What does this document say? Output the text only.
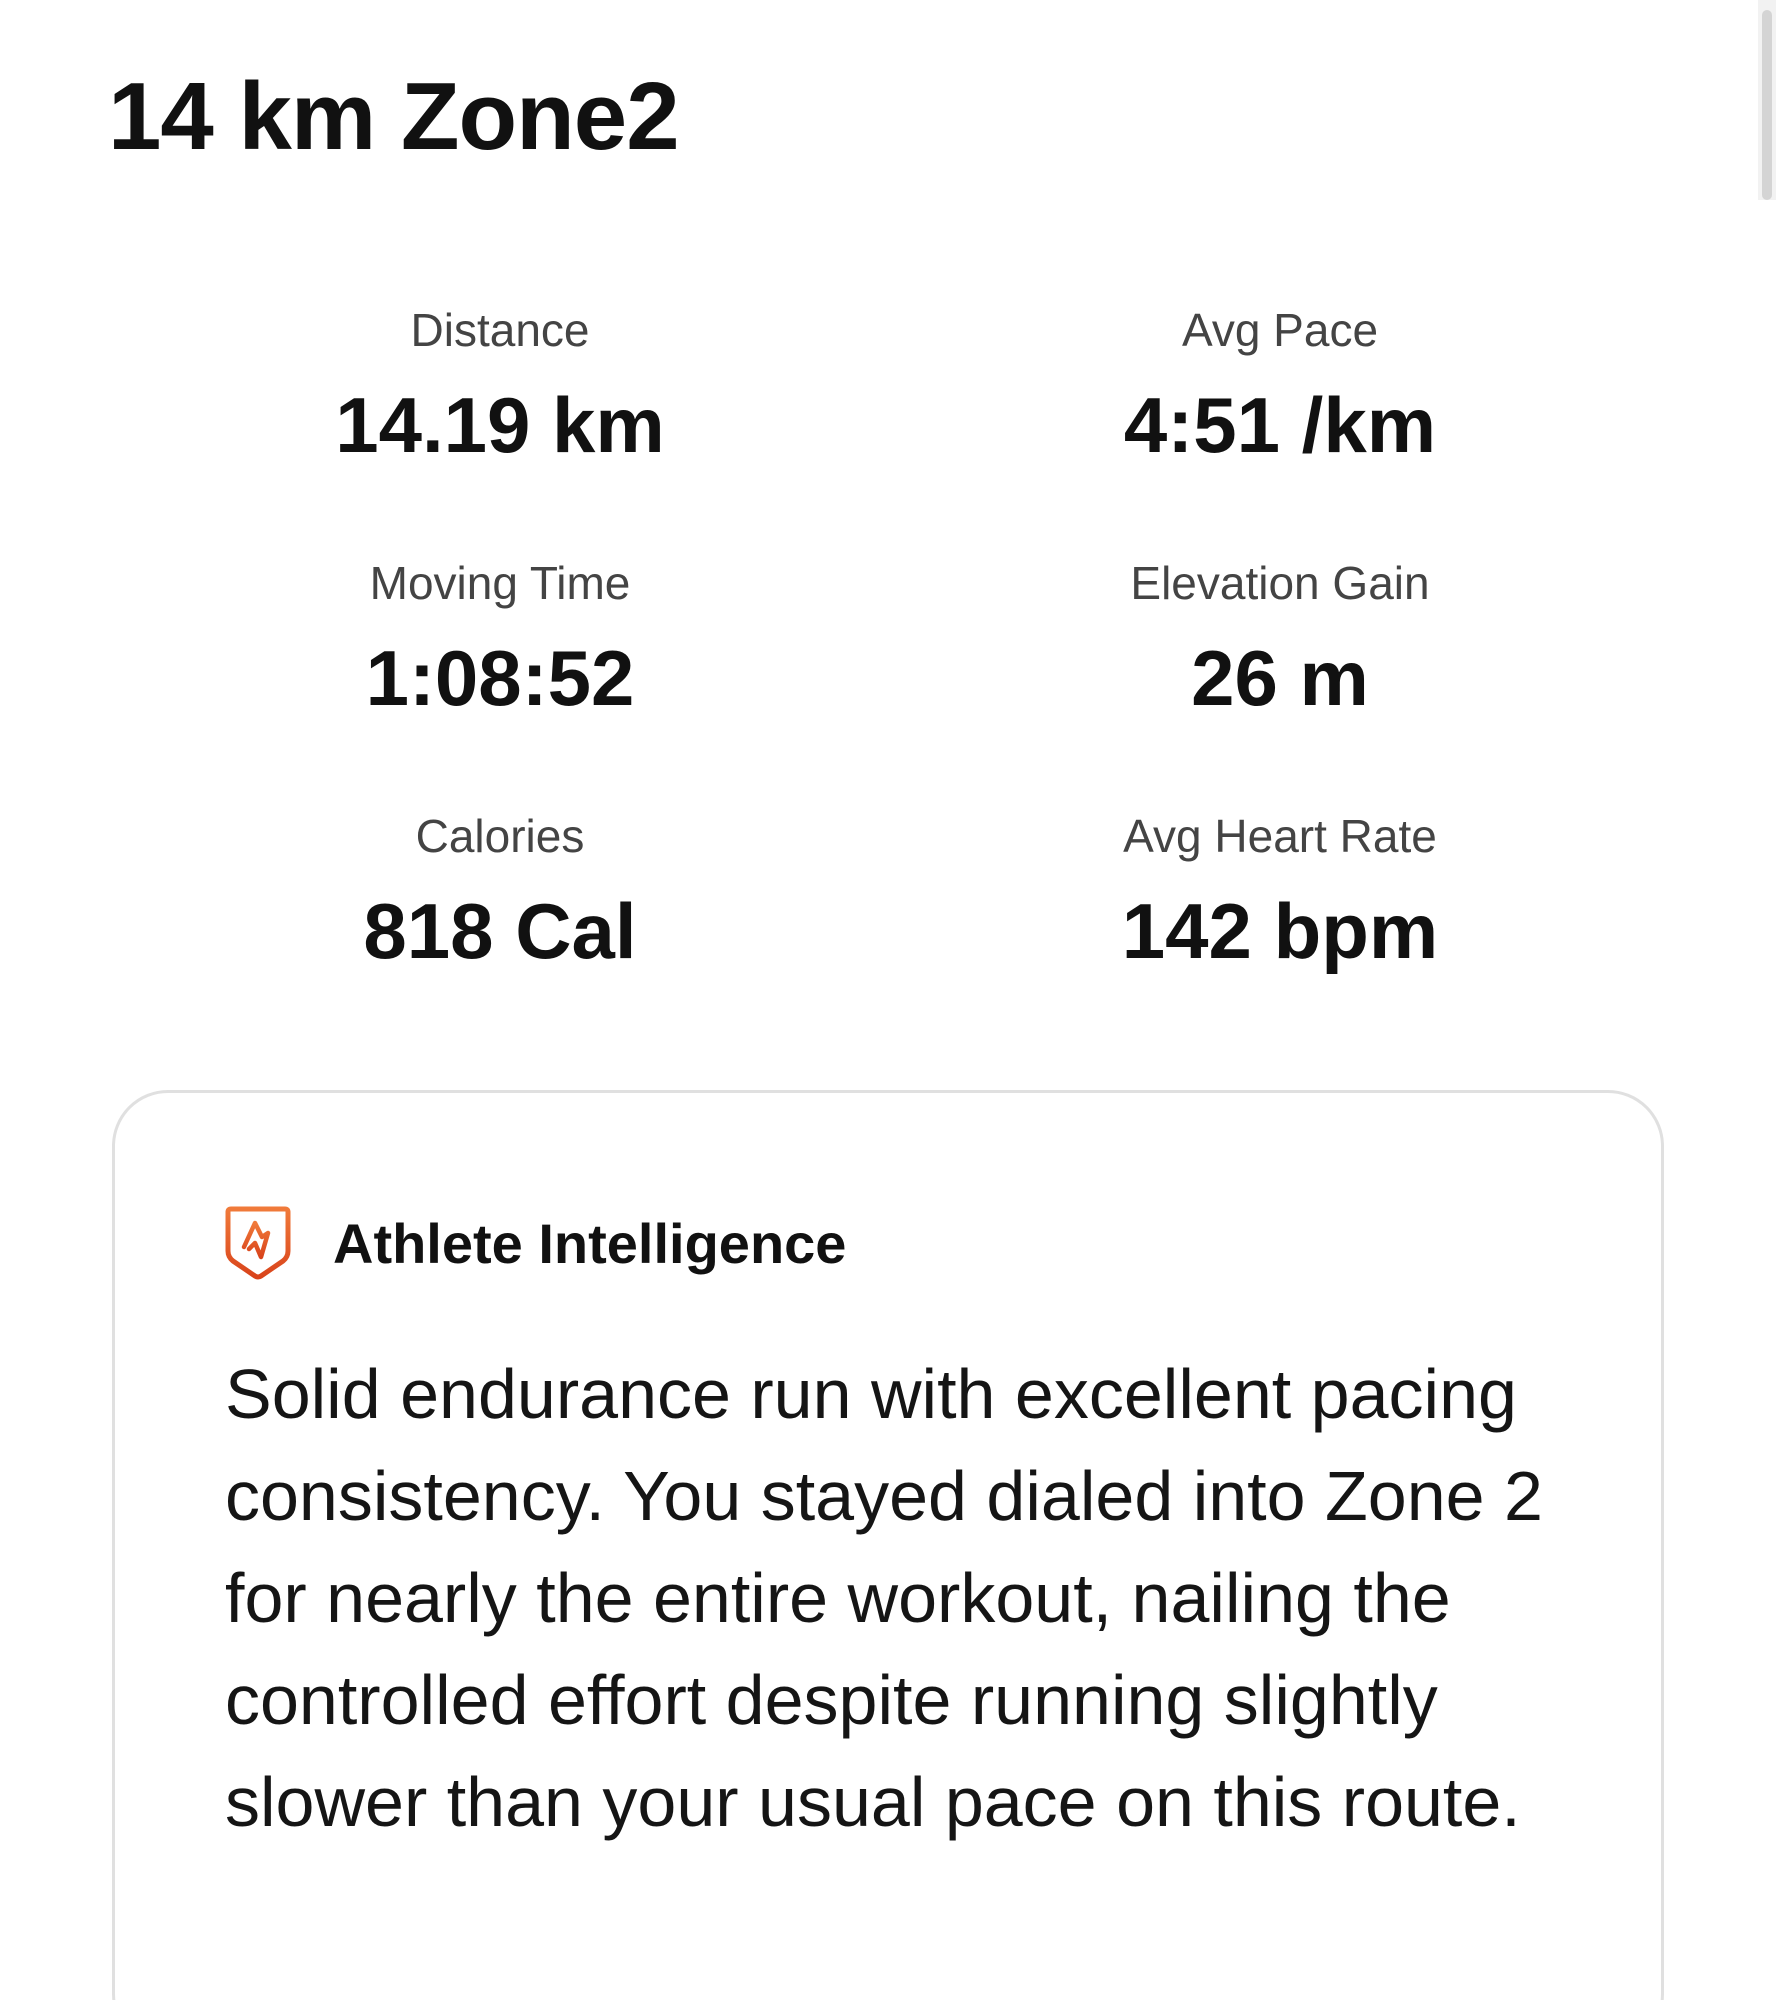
14 km Zone2
Distance
14.19 km
Avg Pace
4:51 /km
Moving Time
1:08:52
Elevation Gain
26 m
Calories
818 Cal
Avg Heart Rate
142 bpm
Athlete Intelligence

Solid endurance run with excellent pacing consistency. You stayed dialed into Zone 2 for nearly the entire workout, nailing the controlled effort despite running slightly slower than your usual pace on this route.
